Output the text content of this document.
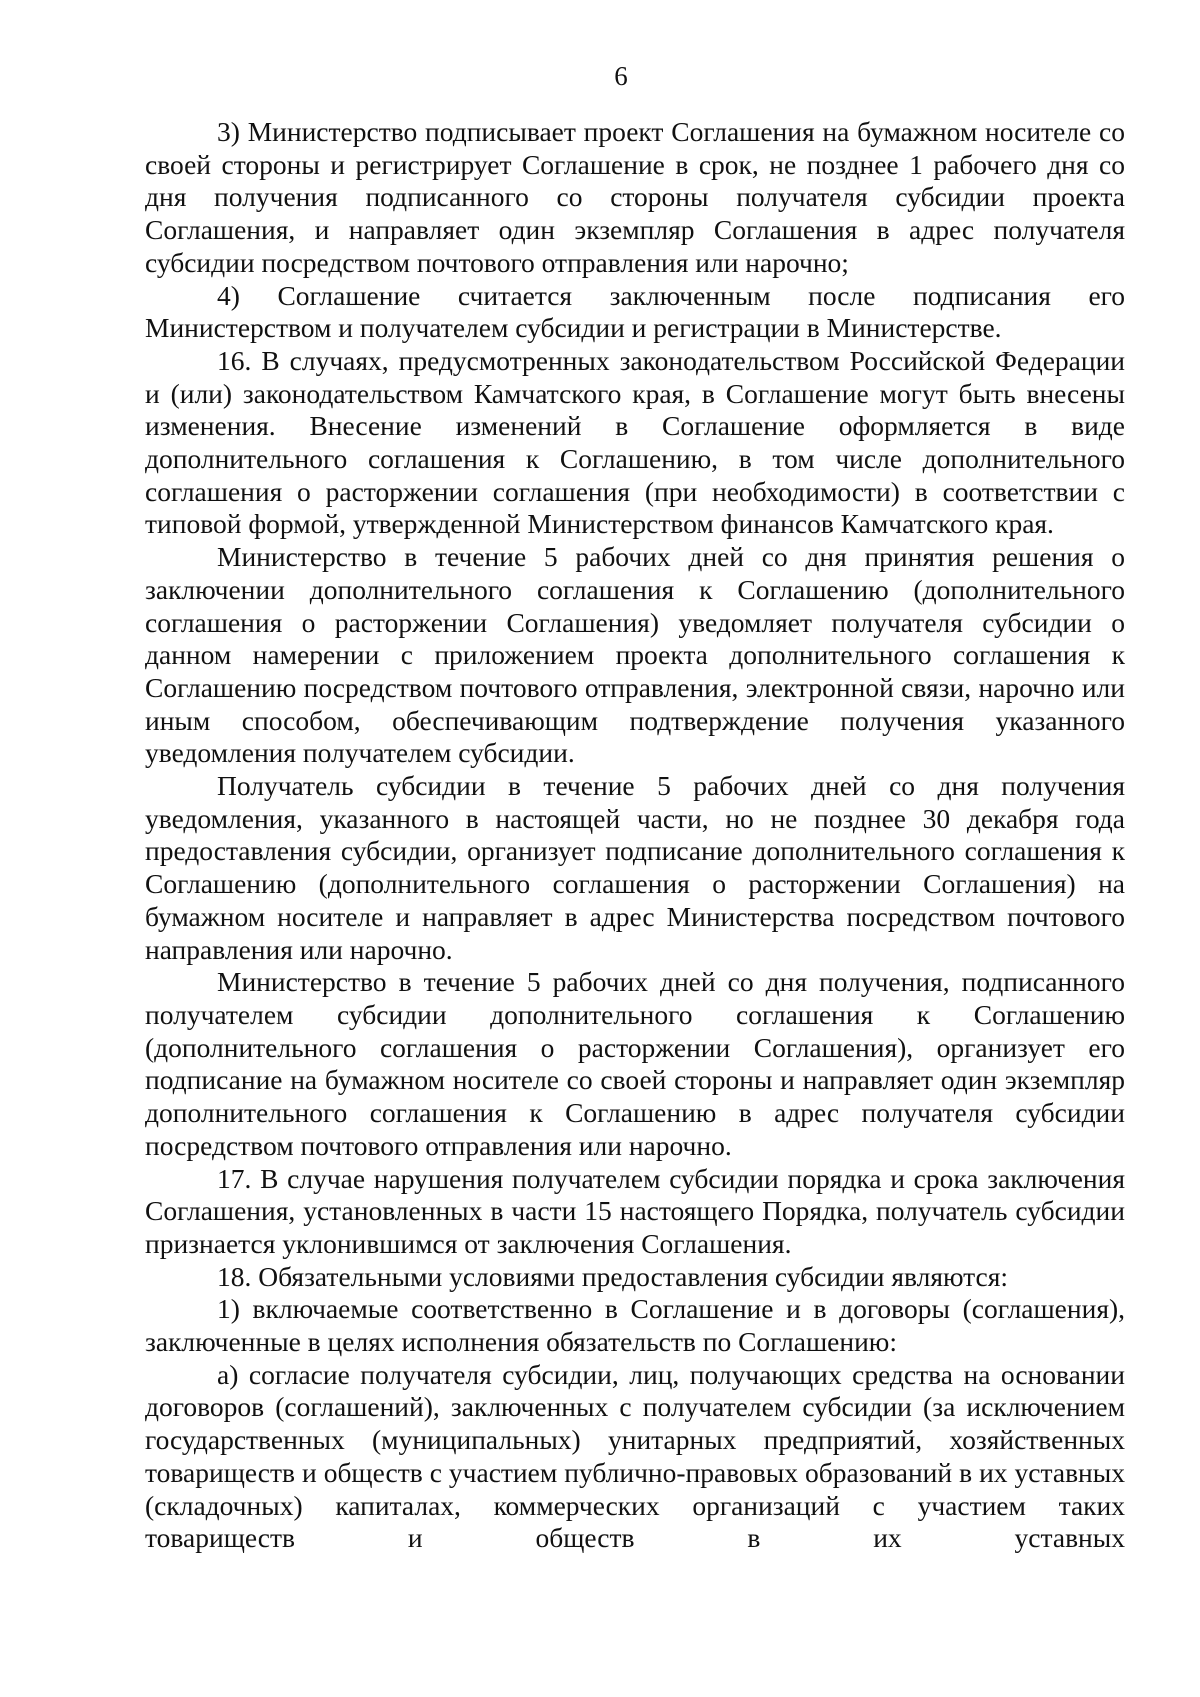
6

3) Министерство подписывает проект Соглашения на бумажном носителе со своей стороны и регистрирует Соглашение в срок, не позднее 1 рабочего дня со дня получения подписанного со стороны получателя субсидии проекта Соглашения, и направляет один экземпляр Соглашения в адрес получателя субсидии посредством почтового отправления или нарочно;

4) Соглашение считается заключенным после подписания его Министерством и получателем субсидии и регистрации в Министерстве.

16. В случаях, предусмотренных законодательством Российской Федерации и (или) законодательством Камчатского края, в Соглашение могут быть внесены изменения. Внесение изменений в Соглашение оформляется в виде дополнительного соглашения к Соглашению, в том числе дополнительного соглашения о расторжении соглашения (при необходимости) в соответствии с типовой формой, утвержденной Министерством финансов Камчатского края.

Министерство в течение 5 рабочих дней со дня принятия решения о заключении дополнительного соглашения к Соглашению (дополнительного соглашения о расторжении Соглашения) уведомляет получателя субсидии о данном намерении с приложением проекта дополнительного соглашения к Соглашению посредством почтового отправления, электронной связи, нарочно или иным способом, обеспечивающим подтверждение получения указанного уведомления получателем субсидии.

Получатель субсидии в течение 5 рабочих дней со дня получения уведомления, указанного в настоящей части, но не позднее 30 декабря года предоставления субсидии, организует подписание дополнительного соглашения к Соглашению (дополнительного соглашения о расторжении Соглашения) на бумажном носителе и направляет в адрес Министерства посредством почтового направления или нарочно.

Министерство в течение 5 рабочих дней со дня получения, подписанного получателем субсидии дополнительного соглашения к Соглашению (дополнительного соглашения о расторжении Соглашения), организует его подписание на бумажном носителе со своей стороны и направляет один экземпляр дополнительного соглашения к Соглашению в адрес получателя субсидии посредством почтового отправления или нарочно.

17. В случае нарушения получателем субсидии порядка и срока заключения Соглашения, установленных в части 15 настоящего Порядка, получатель субсидии признается уклонившимся от заключения Соглашения.

18. Обязательными условиями предоставления субсидии являются:

1) включаемые соответственно в Соглашение и в договоры (соглашения), заключенные в целях исполнения обязательств по Соглашению:

а) согласие получателя субсидии, лиц, получающих средства на основании договоров (соглашений), заключенных с получателем субсидии (за исключением государственных (муниципальных) унитарных предприятий, хозяйственных товариществ и обществ с участием публично-правовых образований в их уставных (складочных) капиталах, коммерческих организаций с участием таких товариществ и обществ в их уставных
